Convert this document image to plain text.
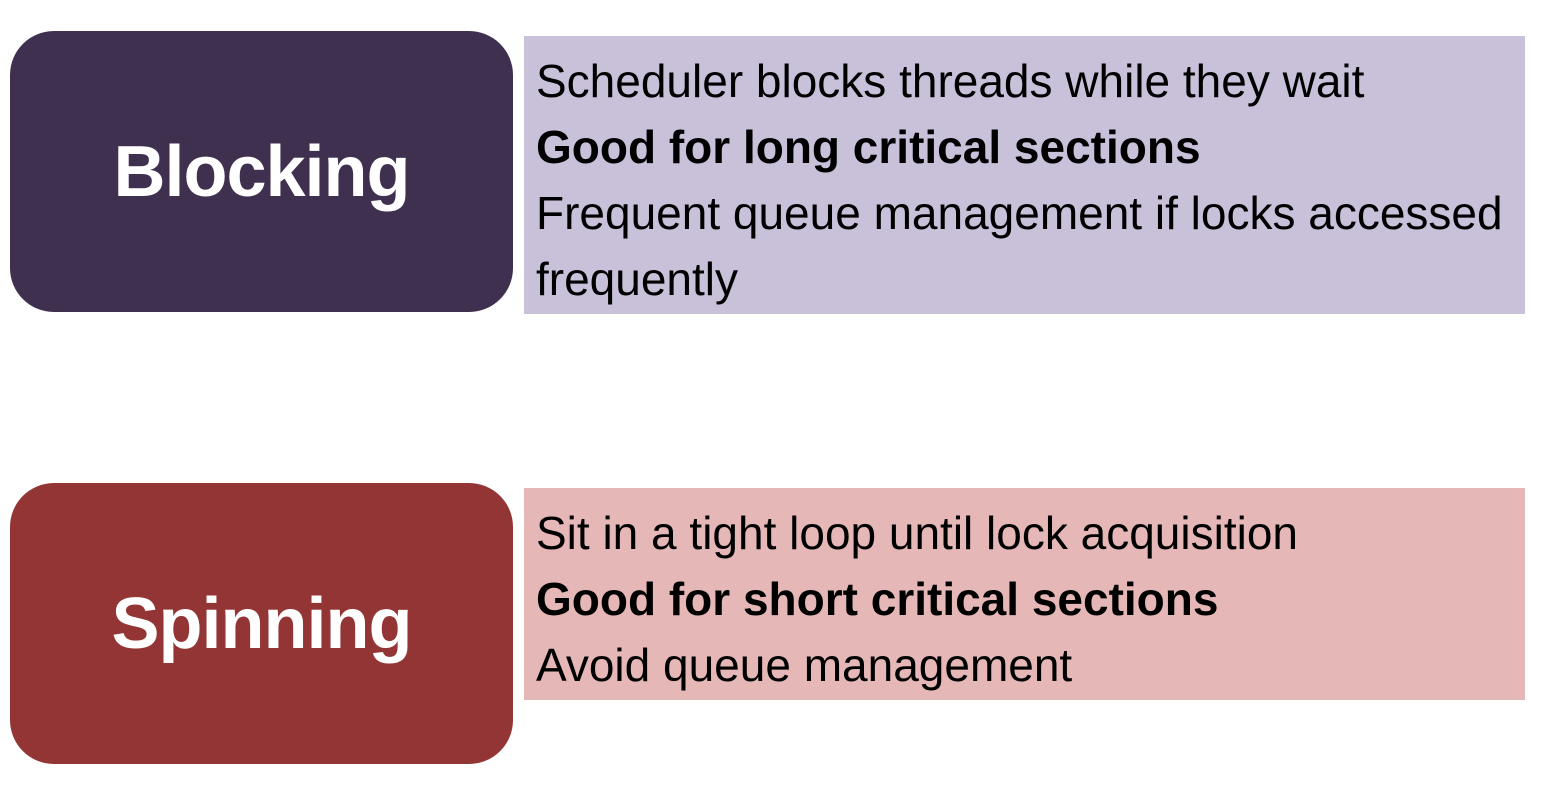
Blocking
Scheduler blocks threads while they wait
Good for long critical sections
Frequent queue management if locks accessed frequently
Spinning
Sit in a tight loop until lock acquisition
Good for short critical sections
Avoid queue management
